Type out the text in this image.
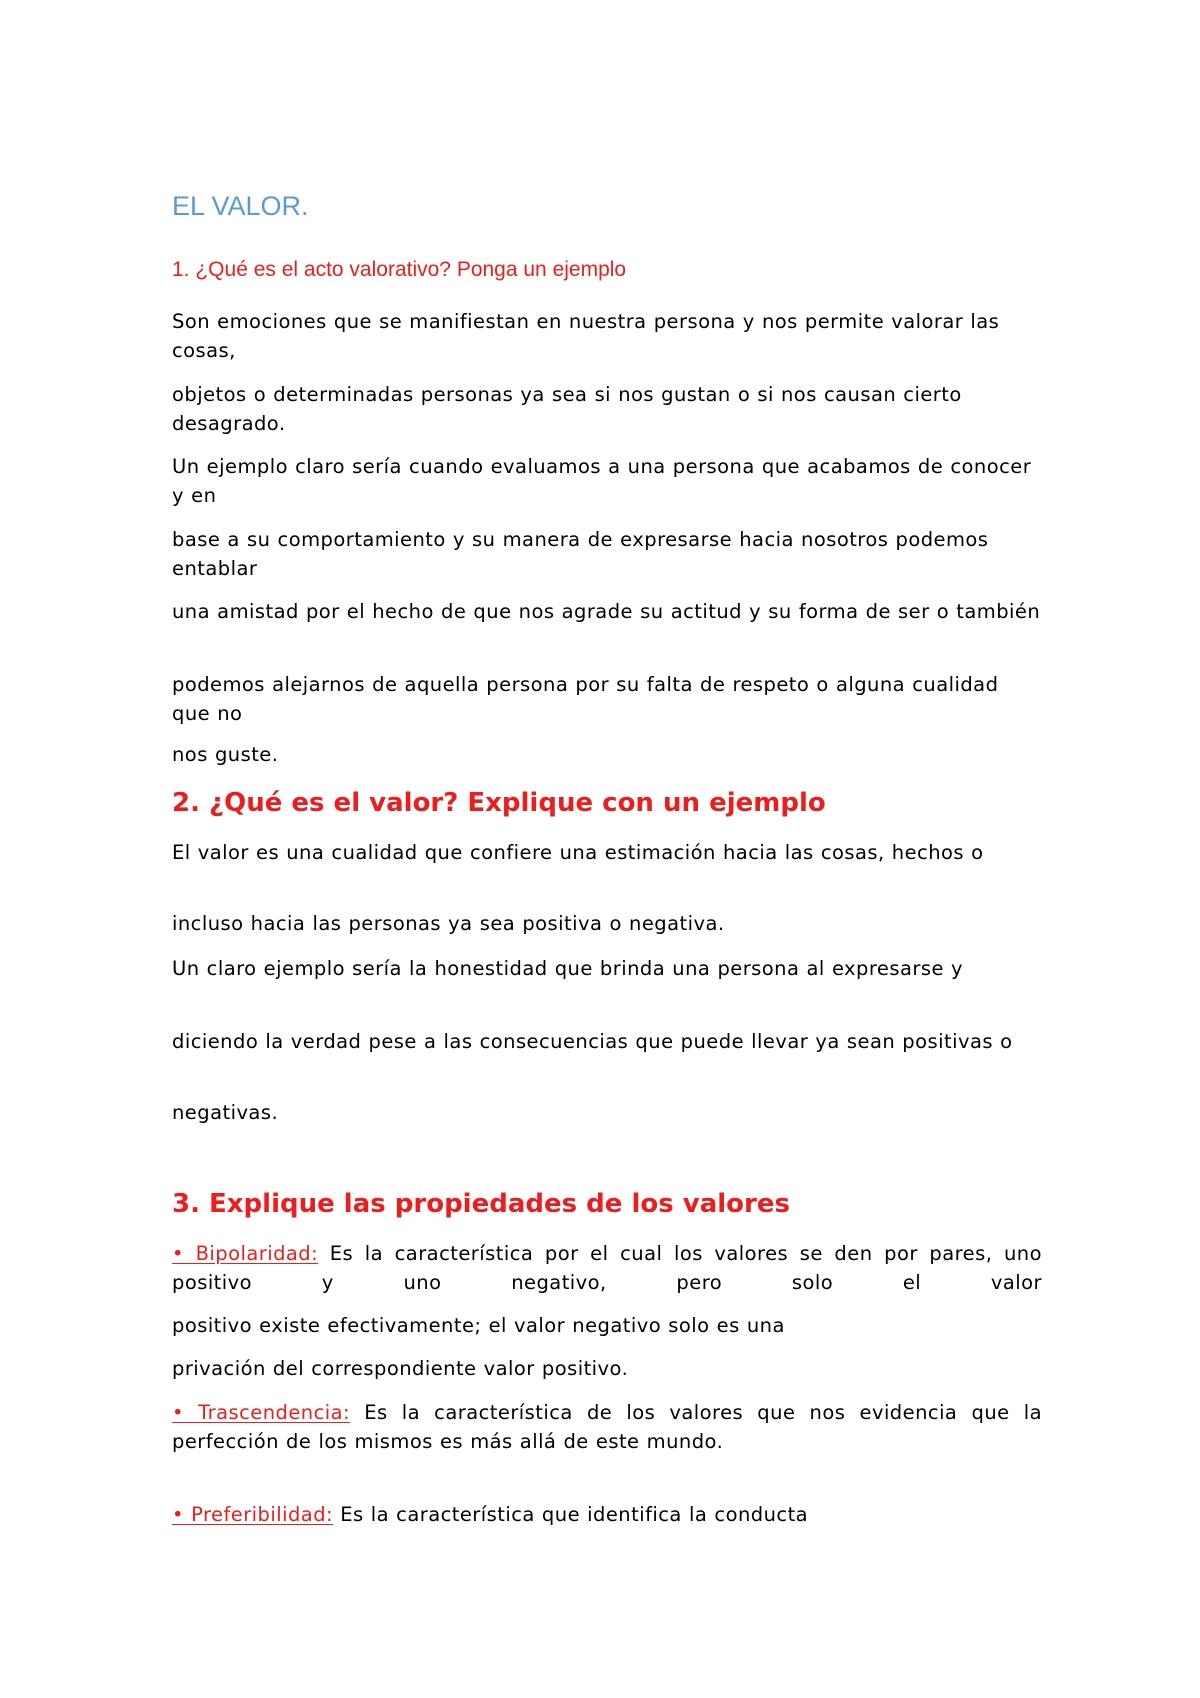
EL VALOR.
1. ¿Qué es el acto valorativo? Ponga un ejemplo

Son emociones que se manifiestan en nuestra persona y nos permite valorar las cosas,

objetos o determinadas personas ya sea si nos gustan o si nos causan cierto desagrado.

Un ejemplo claro sería cuando evaluamos a una persona que acabamos de conocer y en

base a su comportamiento y su manera de expresarse hacia nosotros podemos entablar

una amistad por el hecho de que nos agrade su actitud y su forma de ser o también

podemos alejarnos de aquella persona por su falta de respeto o alguna cualidad que no

nos guste.

2. ¿Qué es el valor? Explique con un ejemplo

El valor es una cualidad que confiere una estimación hacia las cosas, hechos o

incluso hacia las personas ya sea positiva o negativa.

Un claro ejemplo sería la honestidad que brinda una persona al expresarse y

diciendo la verdad pese a las consecuencias que puede llevar ya sean positivas o

negativas.

3. Explique las propiedades de los valores

• Bipolaridad: Es la característica por el cual los valores se den por pares, uno positivo y uno negativo, pero solo el valor

positivo existe efectivamente; el valor negativo solo es una

privación del correspondiente valor positivo.

• Trascendencia: Es la característica de los valores que nos evidencia que la perfección de los mismos es más allá de este mundo.

• Preferibilidad: Es la característica que identifica la conducta
